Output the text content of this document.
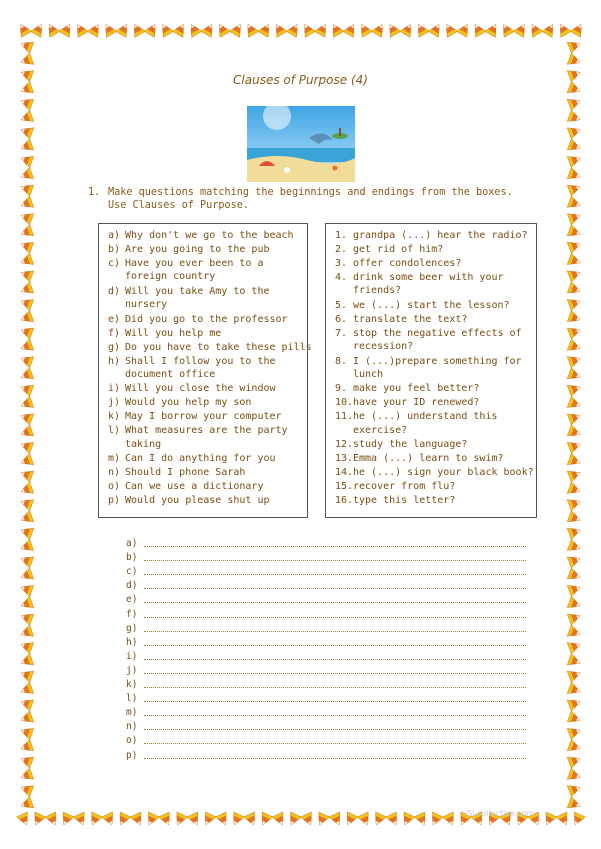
Clauses of Purpose (4)
1. Make questions matching the beginnings and endings from the boxes. Use Clauses of Purpose.
a) Why don't we go to the beach
b) Are you going to the pub
c) Have you ever been to a
foreign country
d) Will you take Amy to the
nursery
e) Did you go to the professor
f) Will you help me
g) Do you have to take these pills
h) Shall I follow you to the
document office
i) Will you close the window
j) Would you help my son
k) May I borrow your computer
l) What measures are the party
taking
m) Can I do anything for you
n) Should I phone Sarah
o) Can we use a dictionary
p) Would you please shut up
1. grandpa (...) hear the radio?
2. get rid of him?
3. offer condolences?
4. drink some beer with your
friends?
5. we (...) start the lesson?
6. translate the text?
7. stop the negative effects of
recession?
8. I (...)prepare something for
lunch
9. make you feel better?
10. have your ID renewed?
11. he (...) understand this
exercise?
12. study the language?
13. Emma (...) learn to swim?
14. he (...) sign your black book?
15. recover from flu?
16. type this letter?
a)
b)
c)
d)
e)
f)
g)
h)
i)
j)
k)
l)
m)
n)
o)
p)
iSLcollective.com
